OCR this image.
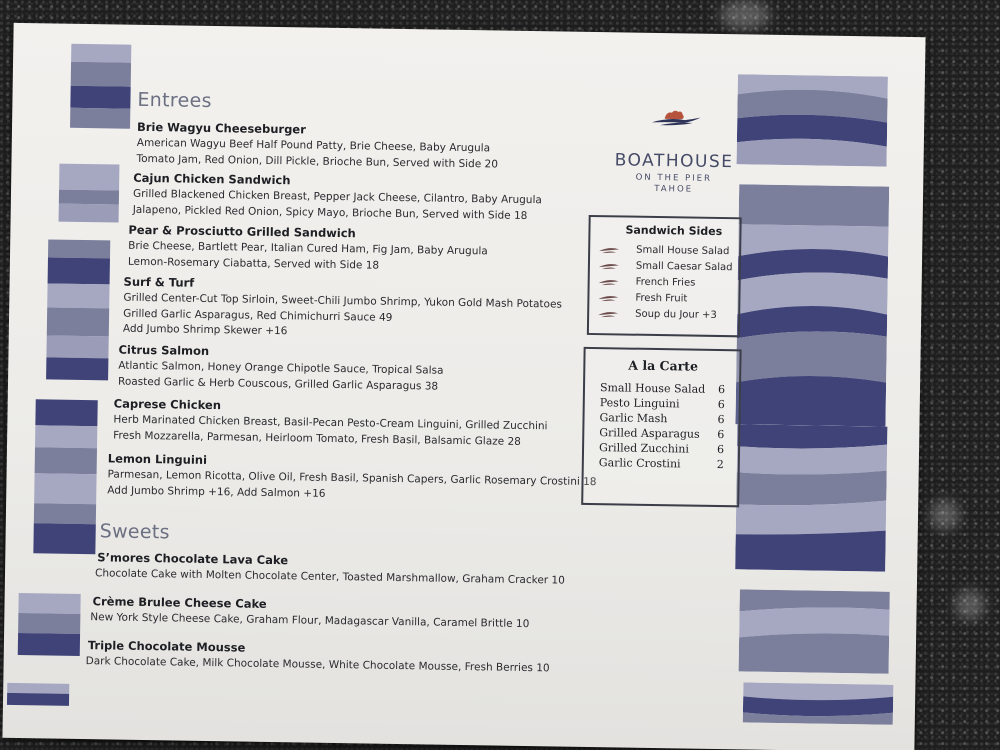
Entrees
Brie Wagyu Cheeseburger
American Wagyu Beef Half Pound Patty, Brie Cheese, Baby Arugula
Tomato Jam, Red Onion, Dill Pickle, Brioche Bun, Served with Side 20
Cajun Chicken Sandwich
Grilled Blackened Chicken Breast, Pepper Jack Cheese, Cilantro, Baby Arugula
Jalapeno, Pickled Red Onion, Spicy Mayo, Brioche Bun, Served with Side 18
Pear & Prosciutto Grilled Sandwich
Brie Cheese, Bartlett Pear, Italian Cured Ham, Fig Jam, Baby Arugula
Lemon-Rosemary Ciabatta, Served with Side 18
Surf & Turf
Grilled Center-Cut Top Sirloin, Sweet-Chili Jumbo Shrimp, Yukon Gold Mash Potatoes
Grilled Garlic Asparagus, Red Chimichurri Sauce 49
Add Jumbo Shrimp Skewer +16
Citrus Salmon
Atlantic Salmon, Honey Orange Chipotle Sauce, Tropical Salsa
Roasted Garlic & Herb Couscous, Grilled Garlic Asparagus 38
Caprese Chicken
Herb Marinated Chicken Breast, Basil-Pecan Pesto-Cream Linguini, Grilled Zucchini
Fresh Mozzarella, Parmesan, Heirloom Tomato, Fresh Basil, Balsamic Glaze 28
Lemon Linguini
Parmesan, Lemon Ricotta, Olive Oil, Fresh Basil, Spanish Capers, Garlic Rosemary Crostini 18
Add Jumbo Shrimp +16, Add Salmon +16
Sweets
S’mores Chocolate Lava Cake
Chocolate Cake with Molten Chocolate Center, Toasted Marshmallow, Graham Cracker 10
Crème Brulee Cheese Cake
New York Style Cheese Cake, Graham Flour, Madagascar Vanilla, Caramel Brittle 10
Triple Chocolate Mousse
Dark Chocolate Cake, Milk Chocolate Mousse, White Chocolate Mousse, Fresh Berries 10
BOATHOUSE
ON THE PIER
TAHOE
Sandwich Sides
Small House Salad
Small Caesar Salad
French Fries
Fresh Fruit
Soup du Jour +3
A la Carte
Small House Salad 6
Pesto Linguini	6
Garlic Mash	6
Grilled Asparagus 6
Grilled Zucchini	6
Garlic Crostini	2
